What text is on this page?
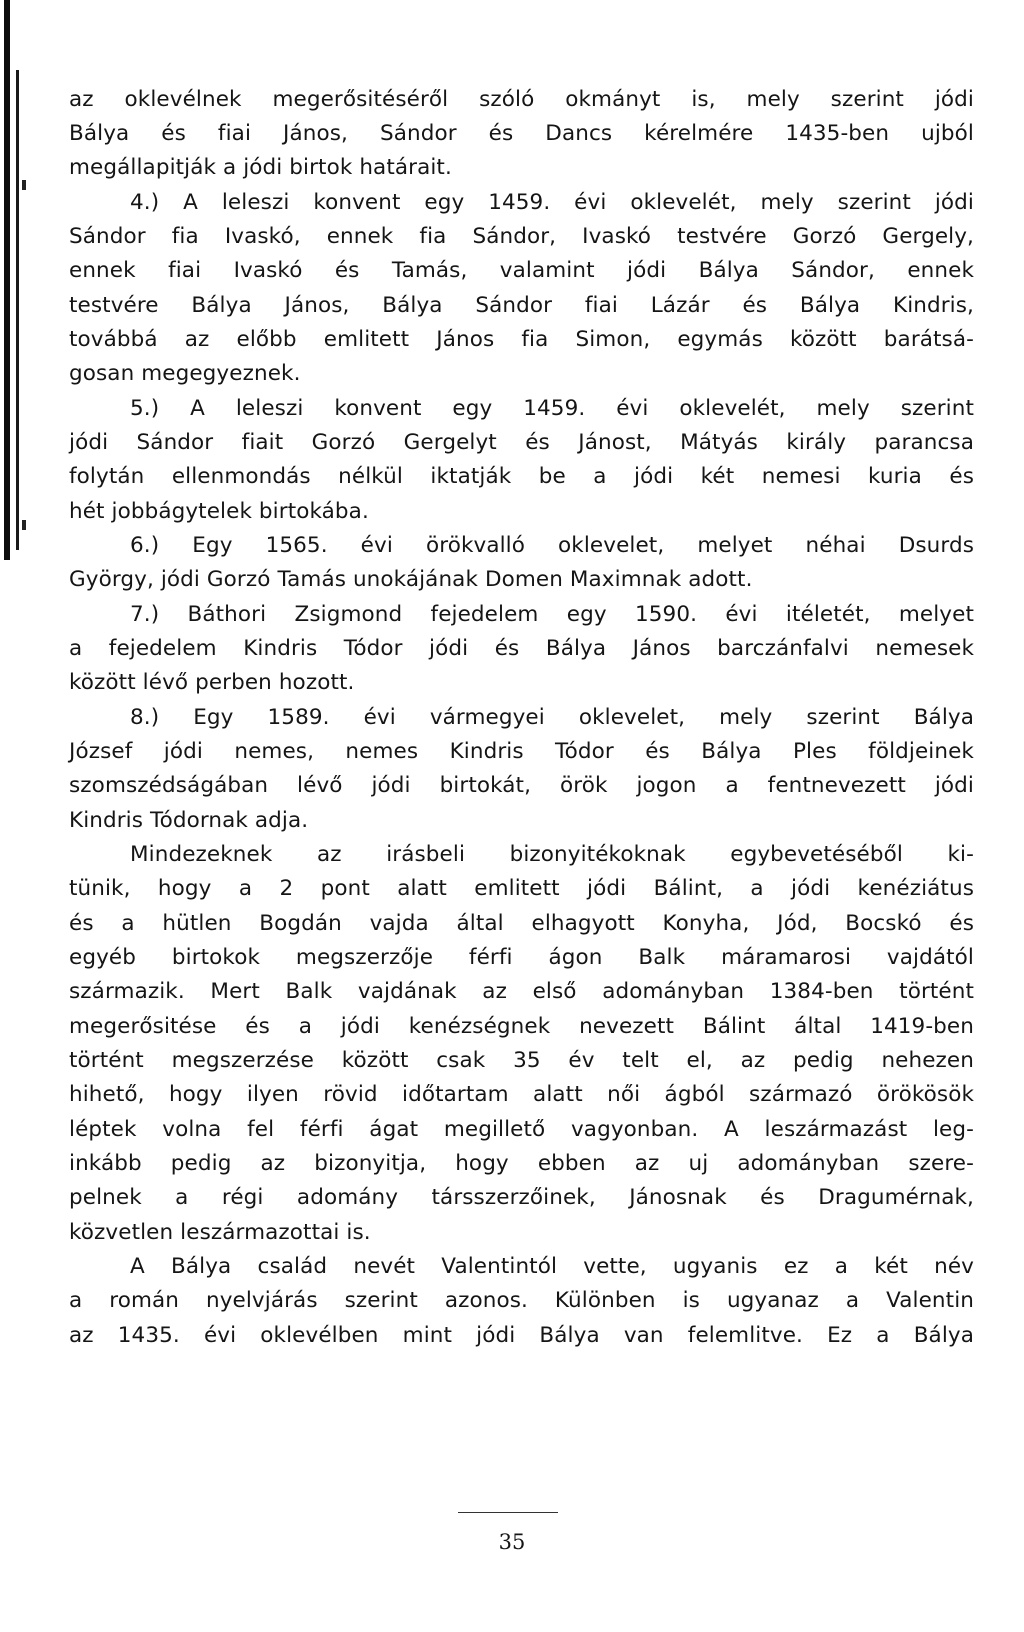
az oklevélnek megerősitéséről szóló okmányt is, mely szerint jódi
Bálya és fiai János, Sándor és Dancs kérelmére 1435-ben ujból
megállapitják a jódi birtok határait.
4.) A leleszi konvent egy 1459. évi oklevelét, mely szerint jódi
Sándor fia Ivaskó, ennek fia Sándor, Ivaskó testvére Gorzó Gergely,
ennek fiai Ivaskó és Tamás, valamint jódi Bálya Sándor, ennek
testvére Bálya János, Bálya Sándor fiai Lázár és Bálya Kindris,
továbbá az előbb emlitett János fia Simon, egymás között barátsá-
gosan megegyeznek.
5.) A leleszi konvent egy 1459. évi oklevelét, mely szerint
jódi Sándor fiait Gorzó Gergelyt és Jánost, Mátyás király parancsa
folytán ellenmondás nélkül iktatják be a jódi két nemesi kuria és
hét jobbágytelek birtokába.
6.) Egy 1565. évi örökvalló oklevelet, melyet néhai Dsurds
György, jódi Gorzó Tamás unokájának Domen Maximnak adott.
7.) Báthori Zsigmond fejedelem egy 1590. évi itéletét, melyet
a fejedelem Kindris Tódor jódi és Bálya János barczánfalvi nemesek
között lévő perben hozott.
8.) Egy 1589. évi vármegyei oklevelet, mely szerint Bálya
József jódi nemes, nemes Kindris Tódor és Bálya Ples földjeinek
szomszédságában lévő jódi birtokát, örök jogon a fentnevezett jódi
Kindris Tódornak adja.
Mindezeknek az irásbeli bizonyitékoknak egybevetéséből ki-
tünik, hogy a 2 pont alatt emlitett jódi Bálint, a jódi kenéziátus
és a hütlen Bogdán vajda által elhagyott Konyha, Jód, Bocskó és
egyéb birtokok megszerzője férfi ágon Balk máramarosi vajdától
származik. Mert Balk vajdának az első adományban 1384-ben történt
megerősitése és a jódi kenézségnek nevezett Bálint által 1419-ben
történt megszerzése között csak 35 év telt el, az pedig nehezen
hihető, hogy ilyen rövid időtartam alatt női ágból származó örökösök
léptek volna fel férfi ágat megillető vagyonban. A leszármazást leg-
inkább pedig az bizonyitja, hogy ebben az uj adományban szere-
pelnek a régi adomány társszerzőinek, Jánosnak és Dragumérnak,
közvetlen leszármazottai is.
A Bálya család nevét Valentintól vette, ugyanis ez a két név
a román nyelvjárás szerint azonos. Különben is ugyanaz a Valentin
az 1435. évi oklevélben mint jódi Bálya van felemlitve. Ez a Bálya
35
